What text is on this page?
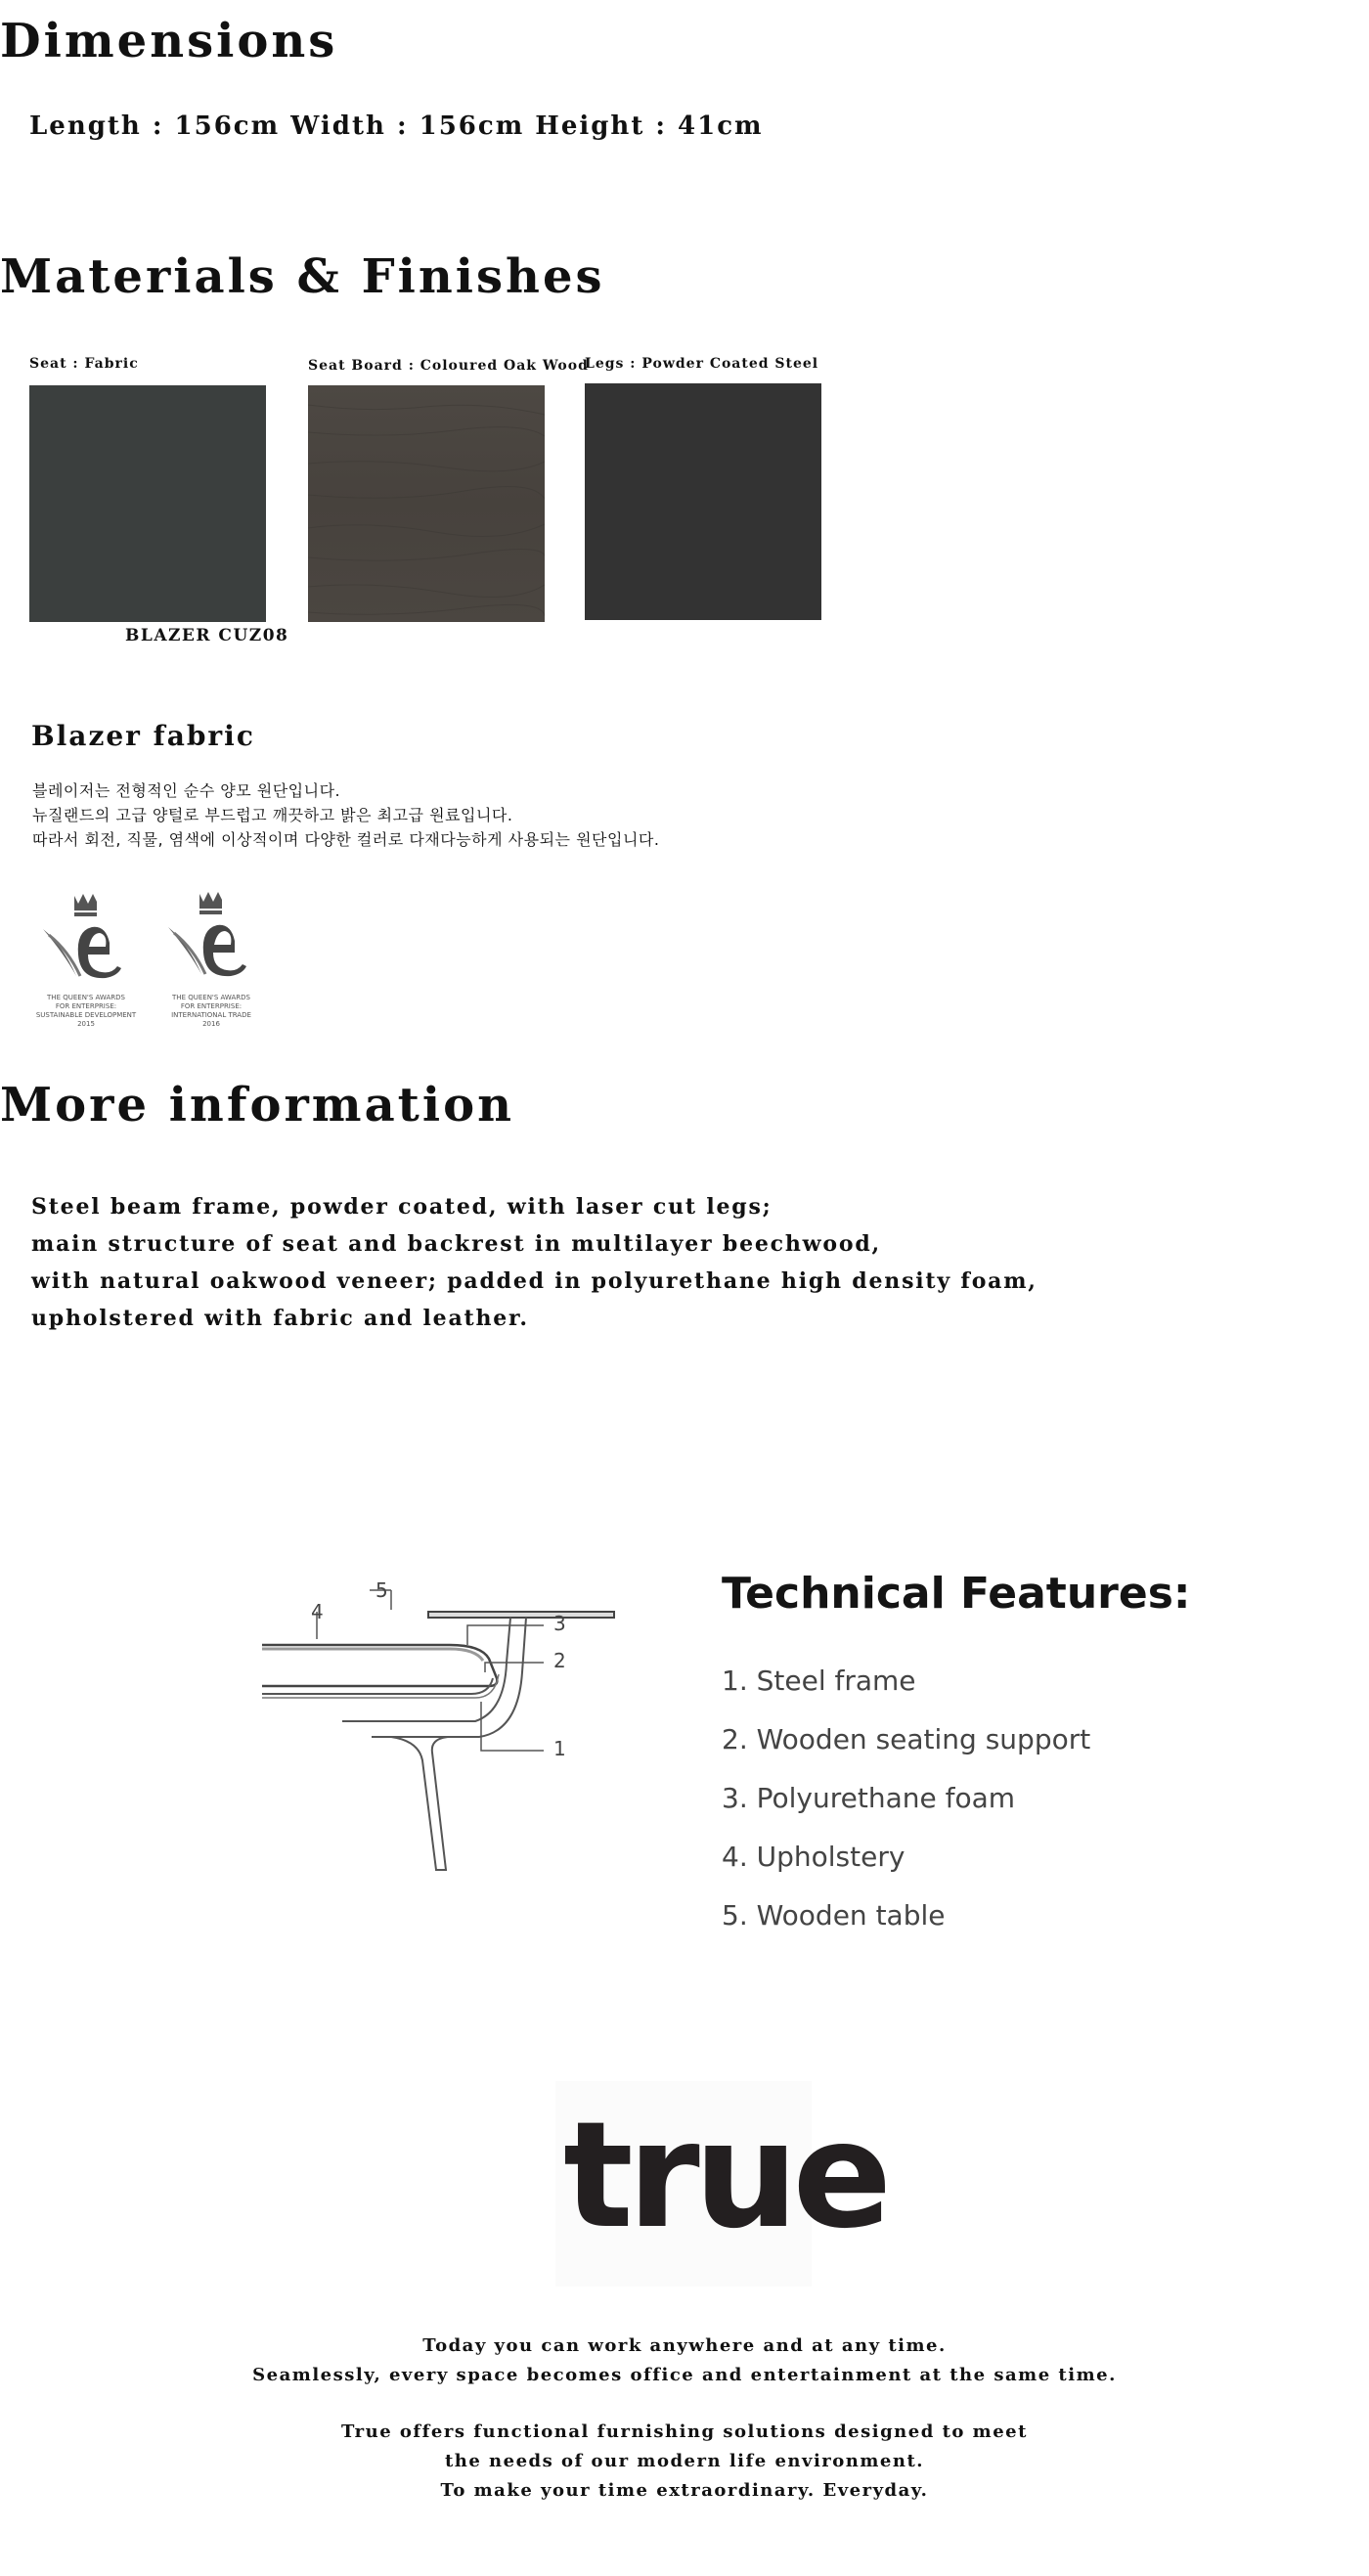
Dimensions
Length : 156cm Width : 156cm Height : 41cm
Materials & Finishes
Seat : Fabric
BLAZER CUZ08
Seat Board : Coloured Oak Wood
Legs : Powder Coated Steel
Blazer fabric
블레이저는 전형적인 순수 양모 원단입니다.
뉴질랜드의 고급 양털로 부드럽고 깨끗하고 밝은 최고급 원료입니다.
따라서 회전, 직물, 염색에 이상적이며 다양한 컬러로 다재다능하게 사용되는 원단입니다.
THE QUEEN'S AWARDS
FOR ENTERPRISE:
SUSTAINABLE DEVELOPMENT
2015
THE QUEEN'S AWARDS
FOR ENTERPRISE:
INTERNATIONAL TRADE
2016
More information
Steel beam frame, powder coated, with laser cut legs;
main structure of seat and backrest in multilayer beechwood,
with natural oakwood veneer; padded in polyurethane high density foam,
upholstered with fabric and leather.
5
4	3
2
1
Technical Features:
1. Steel frame
2. Wooden seating support
3. Polyurethane foam
4. Upholstery
5. Wooden table
true
Today you can work anywhere and at any time.
Seamlessly, every space becomes office and entertainment at the same time.
True offers functional furnishing solutions designed to meet
the needs of our modern life environment.
To make your time extraordinary. Everyday.
